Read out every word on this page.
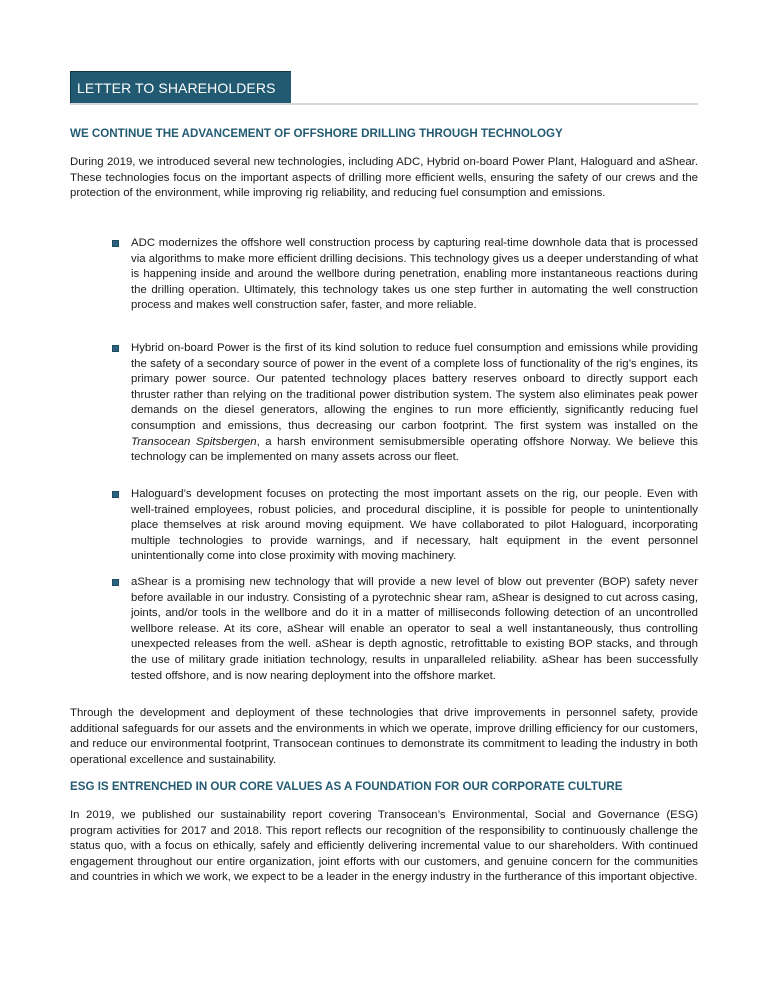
LETTER TO SHAREHOLDERS
WE CONTINUE THE ADVANCEMENT OF OFFSHORE DRILLING THROUGH TECHNOLOGY
During 2019, we introduced several new technologies, including ADC, Hybrid on-board Power Plant, Haloguard and aShear. These technologies focus on the important aspects of drilling more efficient wells, ensuring the safety of our crews and the protection of the environment, while improving rig reliability, and reducing fuel consumption and emissions.
ADC modernizes the offshore well construction process by capturing real-time downhole data that is processed via algorithms to make more efficient drilling decisions. This technology gives us a deeper understanding of what is happening inside and around the wellbore during penetration, enabling more instantaneous reactions during the drilling operation. Ultimately, this technology takes us one step further in automating the well construction process and makes well construction safer, faster, and more reliable.
Hybrid on-board Power is the first of its kind solution to reduce fuel consumption and emissions while providing the safety of a secondary source of power in the event of a complete loss of functionality of the rig’s engines, its primary power source. Our patented technology places battery reserves onboard to directly support each thruster rather than relying on the traditional power distribution system. The system also eliminates peak power demands on the diesel generators, allowing the engines to run more efficiently, significantly reducing fuel consumption and emissions, thus decreasing our carbon footprint. The first system was installed on the Transocean Spitsbergen, a harsh environment semisubmersible operating offshore Norway. We believe this technology can be implemented on many assets across our fleet.
Haloguard’s development focuses on protecting the most important assets on the rig, our people. Even with well-trained employees, robust policies, and procedural discipline, it is possible for people to unintentionally place themselves at risk around moving equipment. We have collaborated to pilot Haloguard, incorporating multiple technologies to provide warnings, and if necessary, halt equipment in the event personnel unintentionally come into close proximity with moving machinery.
aShear is a promising new technology that will provide a new level of blow out preventer (BOP) safety never before available in our industry. Consisting of a pyrotechnic shear ram, aShear is designed to cut across casing, joints, and/or tools in the wellbore and do it in a matter of milliseconds following detection of an uncontrolled wellbore release. At its core, aShear will enable an operator to seal a well instantaneously, thus controlling unexpected releases from the well. aShear is depth agnostic, retrofittable to existing BOP stacks, and through the use of military grade initiation technology, results in unparalleled reliability. aShear has been successfully tested offshore, and is now nearing deployment into the offshore market.
Through the development and deployment of these technologies that drive improvements in personnel safety, provide additional safeguards for our assets and the environments in which we operate, improve drilling efficiency for our customers, and reduce our environmental footprint, Transocean continues to demonstrate its commitment to leading the industry in both operational excellence and sustainability.
ESG IS ENTRENCHED IN OUR CORE VALUES AS A FOUNDATION FOR OUR CORPORATE CULTURE
In 2019, we published our sustainability report covering Transocean’s Environmental, Social and Governance (ESG) program activities for 2017 and 2018. This report reflects our recognition of the responsibility to continuously challenge the status quo, with a focus on ethically, safely and efficiently delivering incremental value to our shareholders. With continued engagement throughout our entire organization, joint efforts with our customers, and genuine concern for the communities and countries in which we work, we expect to be a leader in the energy industry in the furtherance of this important objective.
